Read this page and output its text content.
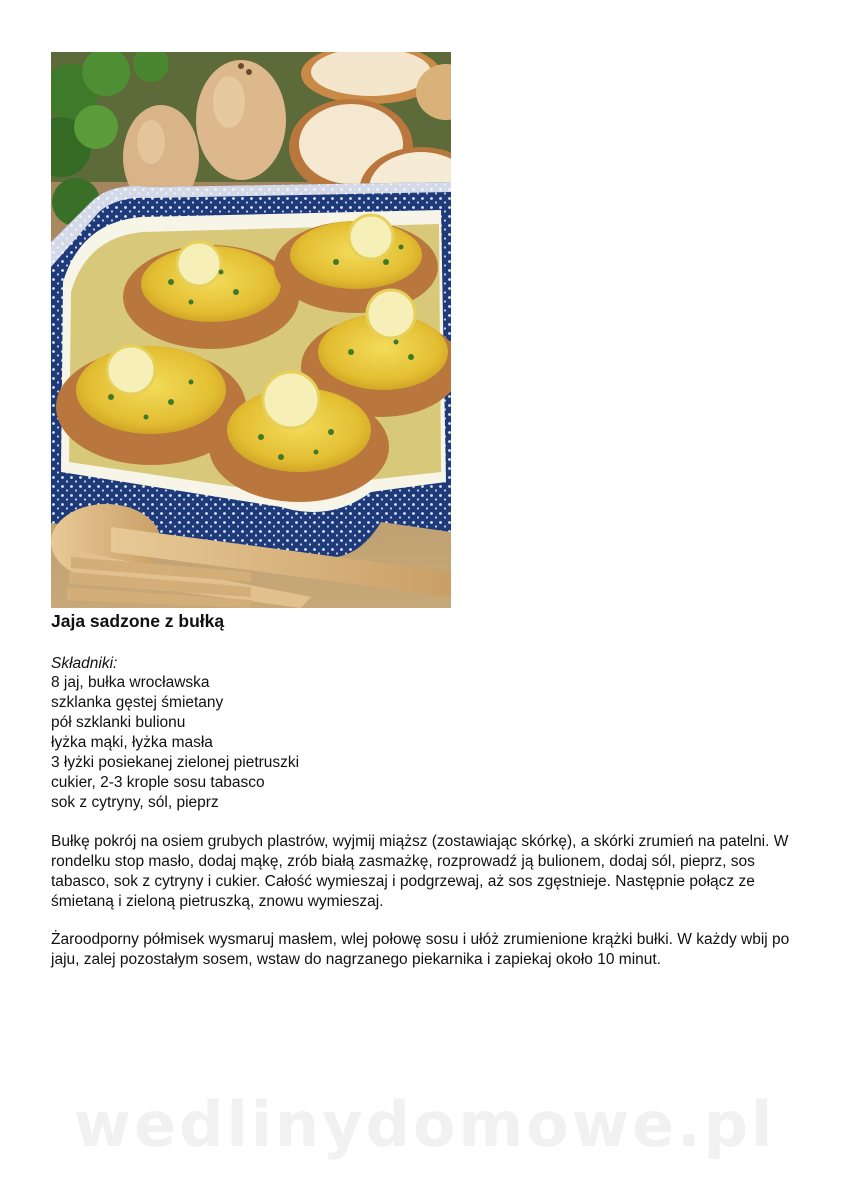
Jaja sadzone z bułką

Składniki:

8 jaj, bułka wrocławska
szklanka gęstej śmietany
pół szklanki bulionu
łyżka mąki, łyżka masła
3 łyżki posiekanej zielonej pietruszki
cukier, 2-3 krople sosu tabasco
sok z cytryny, sól, pieprz

Bułkę pokrój na osiem grubych plastrów, wyjmij miąższ (zostawiając skórkę), a skórki zrumień na patelni. W rondelku stop masło, dodaj mąkę, zrób białą zasmażkę, rozprowadź ją bulionem, dodaj sól, pieprz, sos tabasco, sok z cytryny i cukier. Całość wymieszaj i podgrzewaj, aż sos zgęstnieje. Następnie połącz ze śmietaną i zieloną pietruszką, znowu wymieszaj.

Żaroodporny półmisek wysmaruj masłem, wlej połowę sosu i ułóż zrumienione krążki bułki. W każdy wbij po jaju, zalej pozostałym sosem, wstaw do nagrzanego piekarnika i zapiekaj około 10 minut.

wedlinydomowe.pl
